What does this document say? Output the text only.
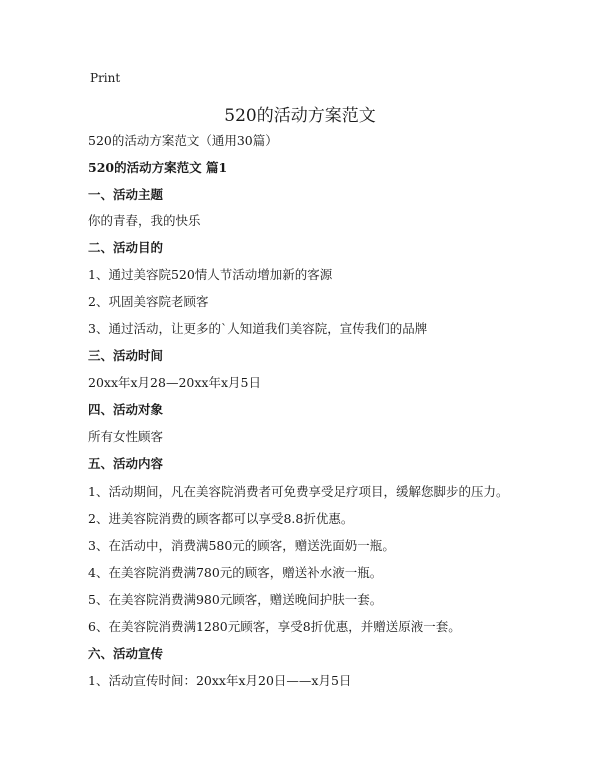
Print
520的活动方案范文

520的活动方案范文（通用30篇）

520的活动方案范文 篇1

一、活动主题

你的青春，我的快乐

二、活动目的

1、通过美容院520情人节活动增加新的客源

2、巩固美容院老顾客

3、通过活动，让更多的`人知道我们美容院，宣传我们的品牌

三、活动时间

20xx年x月28—20xx年x月5日

四、活动对象

所有女性顾客

五、活动内容

1、活动期间，凡在美容院消费者可免费享受足疗项目，缓解您脚步的压力。

2、进美容院消费的顾客都可以享受8.8折优惠。

3、在活动中，消费满580元的顾客，赠送洗面奶一瓶。

4、在美容院消费满780元的顾客，赠送补水液一瓶。

5、在美容院消费满980元顾客，赠送晚间护肤一套。

6、在美容院消费满1280元顾客，享受8折优惠，并赠送原液一套。

六、活动宣传

1、活动宣传时间：20xx年x月20日——x月5日
